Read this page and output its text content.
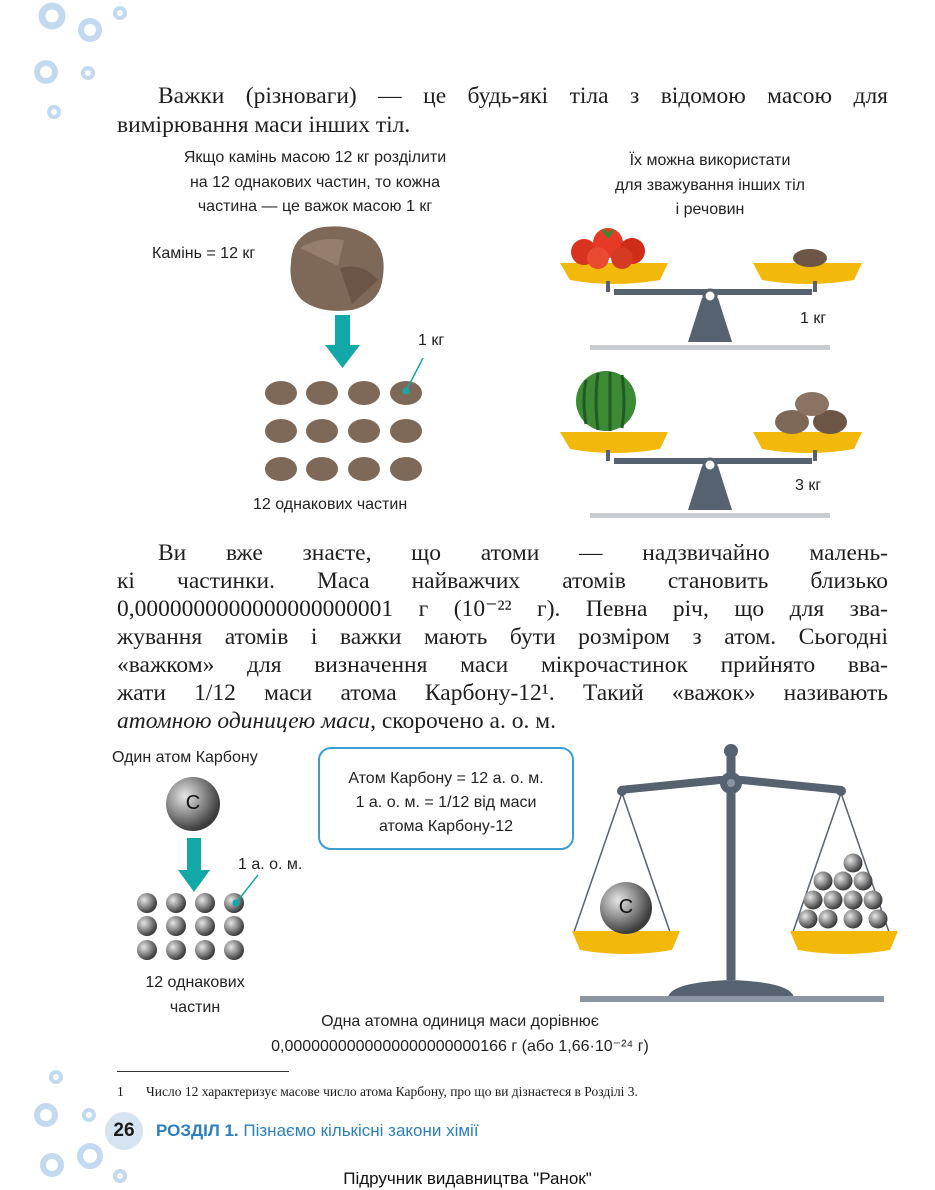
Важки (різноваги) — це будь-які тіла з відомою масою для
вимірювання маси інших тіл.
Якщо камінь масою 12 кг розділити
на 12 однакових частин, то кожна
частина — це важок масою 1 кг
Камінь = 12 кг
1 кг
12 однакових частин
Їх можна використати
для зважування інших тіл
і речовин
1 кг
3 кг
Ви вже знаєте, що атоми — надзвичайно малень-
кі частинки. Маса найважчих атомів становить близько
0,0000000000000000000001 г (10⁻²² г). Певна річ, що для зва-
жування атомів і важки мають бути розміром з атом. Сьогодні
«важком» для визначення маси мікрочастинок прийнято вва-
жати 1/12 маси атома Карбону-12¹. Такий «важок» називають
атомною одиницею маси, скорочено а. о. м.
Один атом Карбону
C
1 а. о. м.
12 однакових
частин
C
Атом Карбону = 12 а. о. м.
1 а. о. м. = 1/12 від маси
атома Карбону-12
Одна атомна одиниця маси дорівнює
0,0000000000000000000000166 г (або 1,66·10⁻²⁴ г)
1 Число 12 характеризує масове число атома Карбону, про що ви дізнаєтеся в Розділі 3.
26	РОЗДІЛ 1. Пізнаємо кількісні закони хімії
Підручник видавництва "Ранок"
